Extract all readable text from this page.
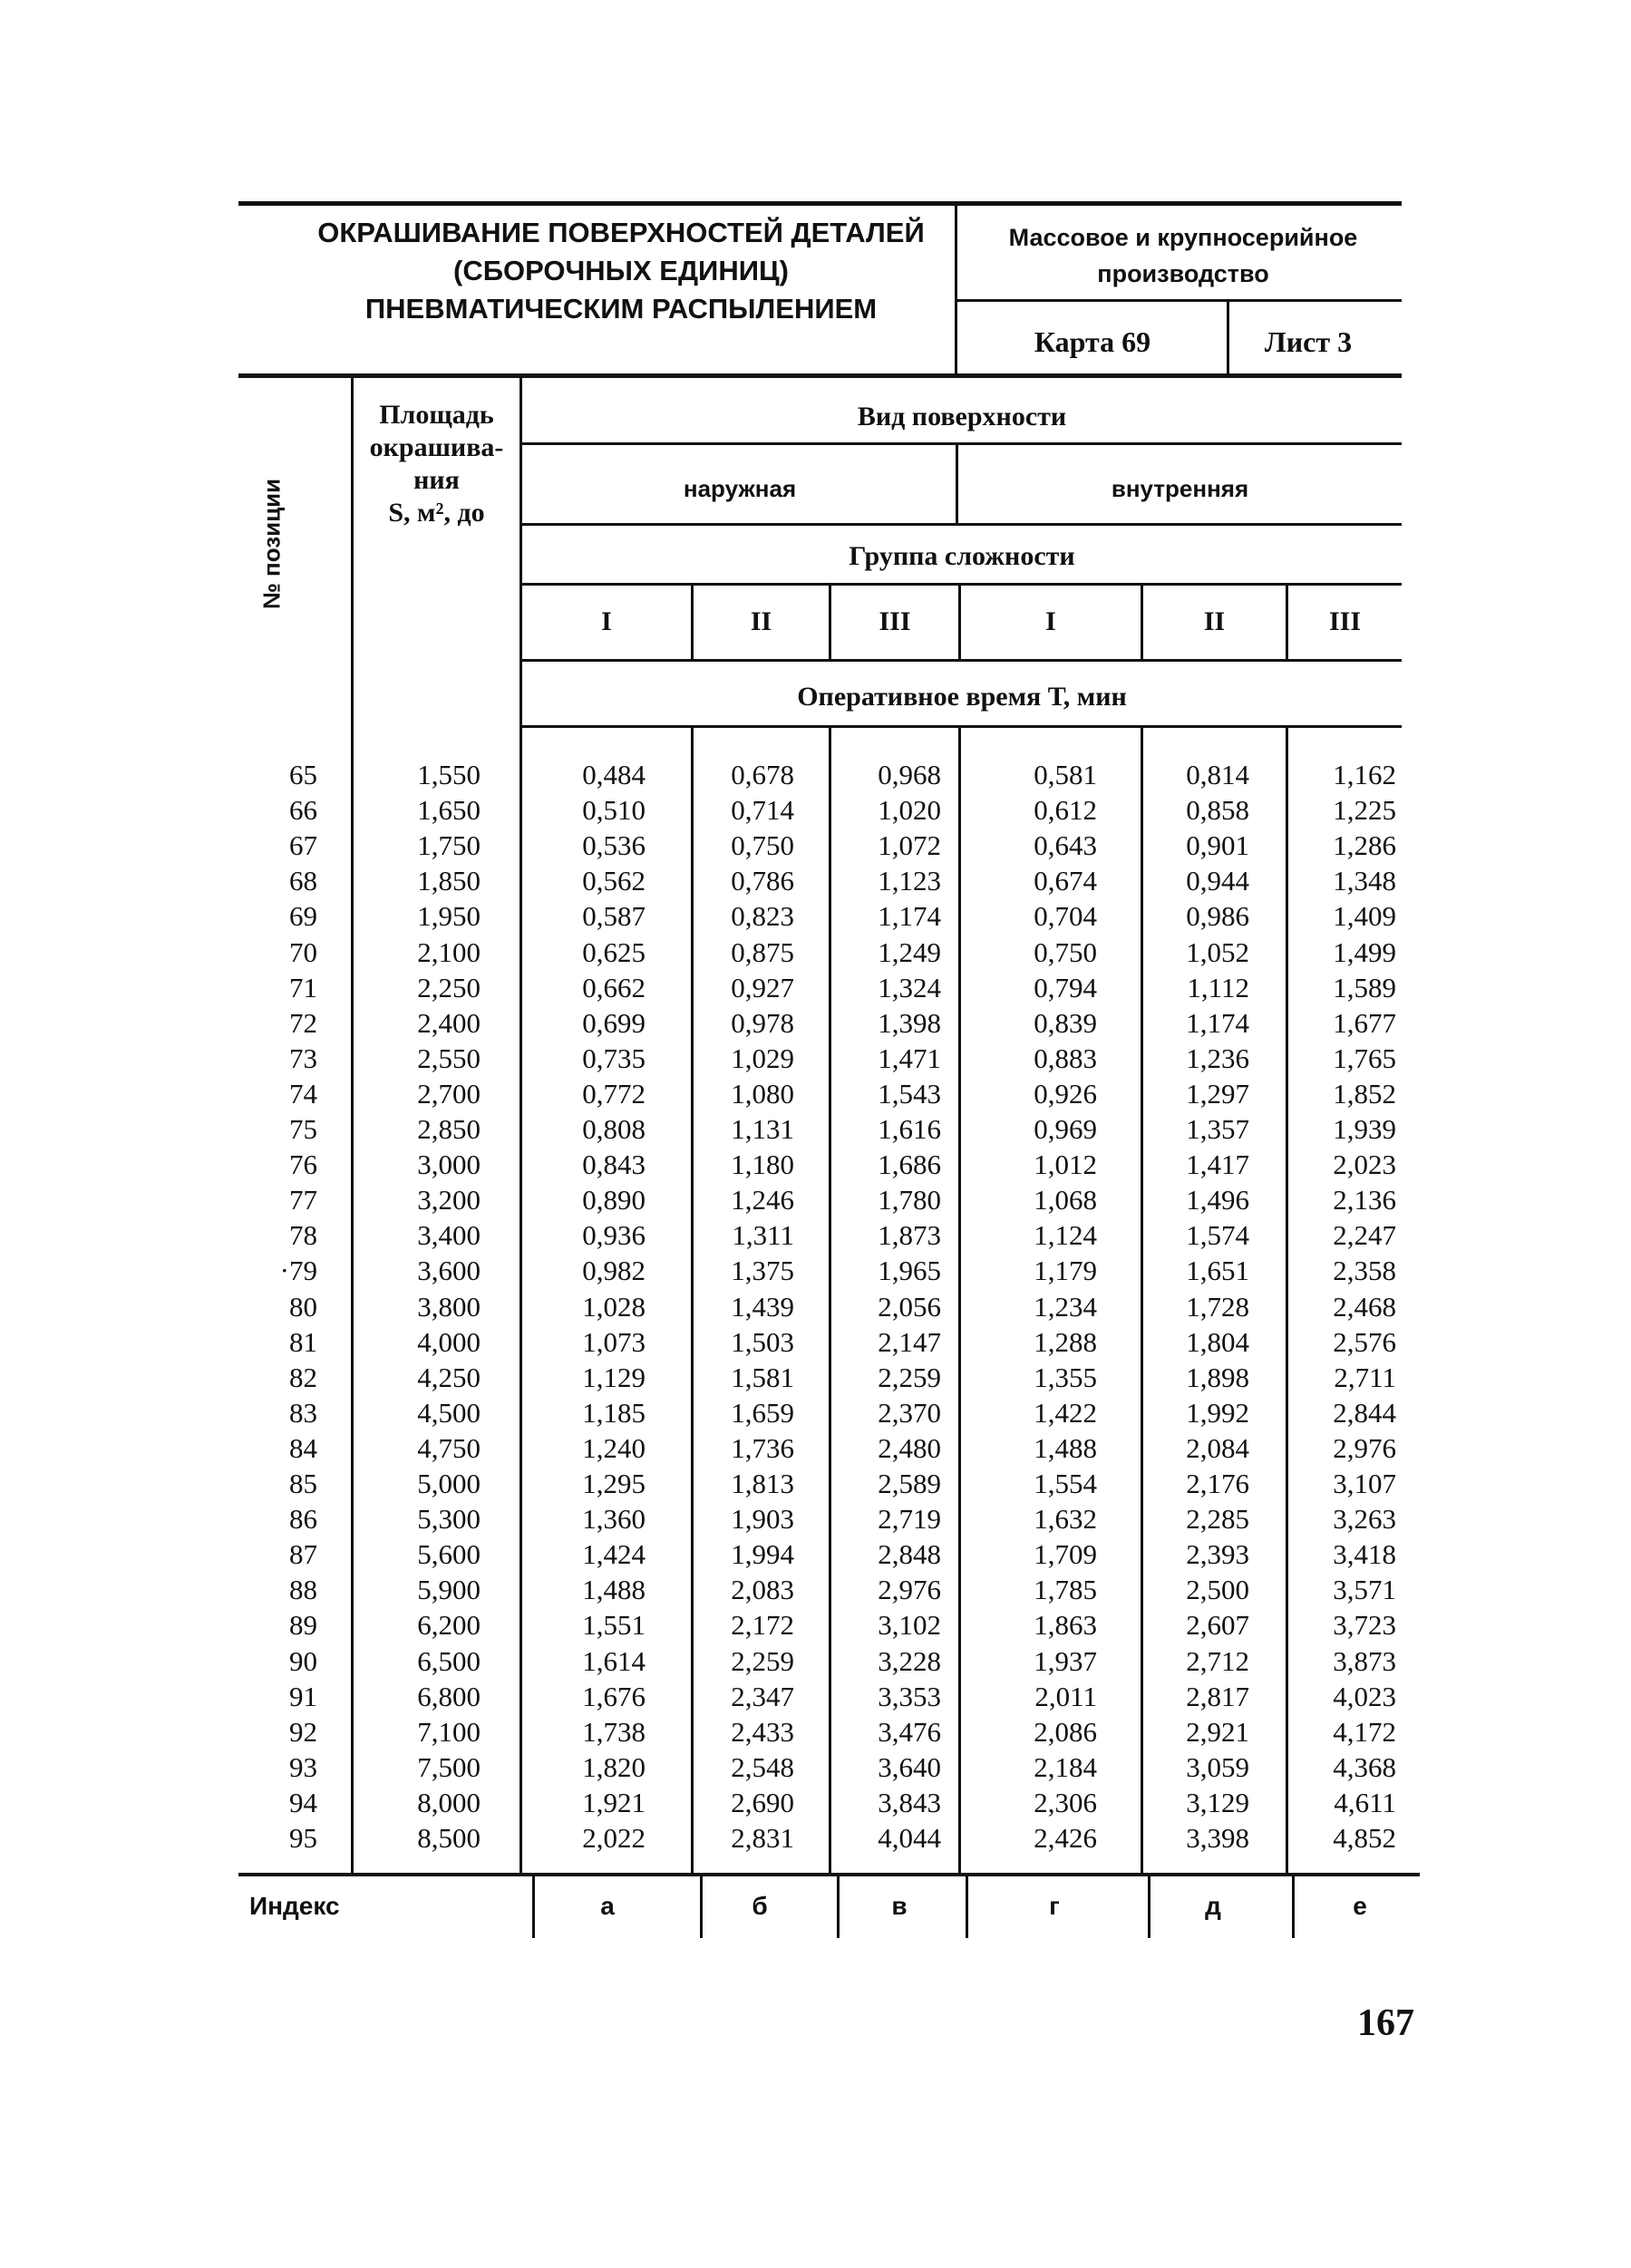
ОКРАШИВАНИЕ ПОВЕРХНОСТЕЙ ДЕТАЛЕЙ
(СБОРОЧНЫХ ЕДИНИЦ)
ПНЕВМАТИЧЕСКИМ РАСПЫЛЕНИЕМ
Массовое и крупносерийное
производство
Карта 69	Лист 3
№ позиции
Площадь
окрашива-
ния
S, м², до
Вид поверхности
наружная	внутренняя
Группа сложности
I	II	III	I	II	III
Оперативное время Т, мин
65	1,550	0,484	0,678	0,968	0,581	0,814	1,162
66	1,650	0,510	0,714	1,020	0,612	0,858	1,225
67	1,750	0,536	0,750	1,072	0,643	0,901	1,286
68	1,850	0,562	0,786	1,123	0,674	0,944	1,348
69	1,950	0,587	0,823	1,174	0,704	0,986	1,409
70	2,100	0,625	0,875	1,249	0,750	1,052	1,499
71	2,250	0,662	0,927	1,324	0,794	1,112	1,589
72	2,400	0,699	0,978	1,398	0,839	1,174	1,677
73	2,550	0,735	1,029	1,471	0,883	1,236	1,765
74	2,700	0,772	1,080	1,543	0,926	1,297	1,852
75	2,850	0,808	1,131	1,616	0,969	1,357	1,939
76	3,000	0,843	1,180	1,686	1,012	1,417	2,023
77	3,200	0,890	1,246	1,780	1,068	1,496	2,136
78	3,400	0,936	1,311	1,873	1,124	1,574	2,247
·79	3,600	0,982	1,375	1,965	1,179	1,651	2,358
80	3,800	1,028	1,439	2,056	1,234	1,728	2,468
81	4,000	1,073	1,503	2,147	1,288	1,804	2,576
82	4,250	1,129	1,581	2,259	1,355	1,898	2,711
83	4,500	1,185	1,659	2,370	1,422	1,992	2,844
84	4,750	1,240	1,736	2,480	1,488	2,084	2,976
85	5,000	1,295	1,813	2,589	1,554	2,176	3,107
86	5,300	1,360	1,903	2,719	1,632	2,285	3,263
87	5,600	1,424	1,994	2,848	1,709	2,393	3,418
88	5,900	1,488	2,083	2,976	1,785	2,500	3,571
89	6,200	1,551	2,172	3,102	1,863	2,607	3,723
90	6,500	1,614	2,259	3,228	1,937	2,712	3,873
91	6,800	1,676	2,347	3,353	2,011	2,817	4,023
92	7,100	1,738	2,433	3,476	2,086	2,921	4,172
93	7,500	1,820	2,548	3,640	2,184	3,059	4,368
94	8,000	1,921	2,690	3,843	2,306	3,129	4,611
95	8,500	2,022	2,831	4,044	2,426	3,398	4,852
Индекс	а	б	в	г	д	е
167
